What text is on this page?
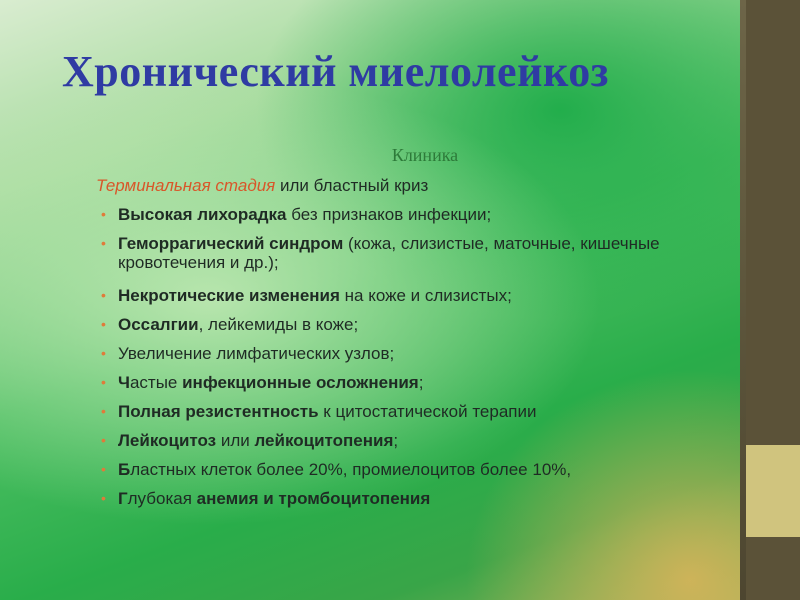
Хронический миелолейкоз
Клиника
Терминальная стадия или бластный криз
• Высокая лихорадка без признаков инфекции;
• Геморрагический синдром (кожа, слизистые, маточные, кишечные кровотечения и др.);
• Некротические изменения на коже и слизистых;
• Оссалгии, лейкемиды в коже;
• Увеличение лимфатических узлов;
• Частые инфекционные осложнения;
• Полная резистентность к цитостатической терапии
• Лейкоцитоз или лейкоцитопения;
• Бластных клеток более 20%, промиелоцитов более 10%,
• Глубокая анемия и тромбоцитопения
